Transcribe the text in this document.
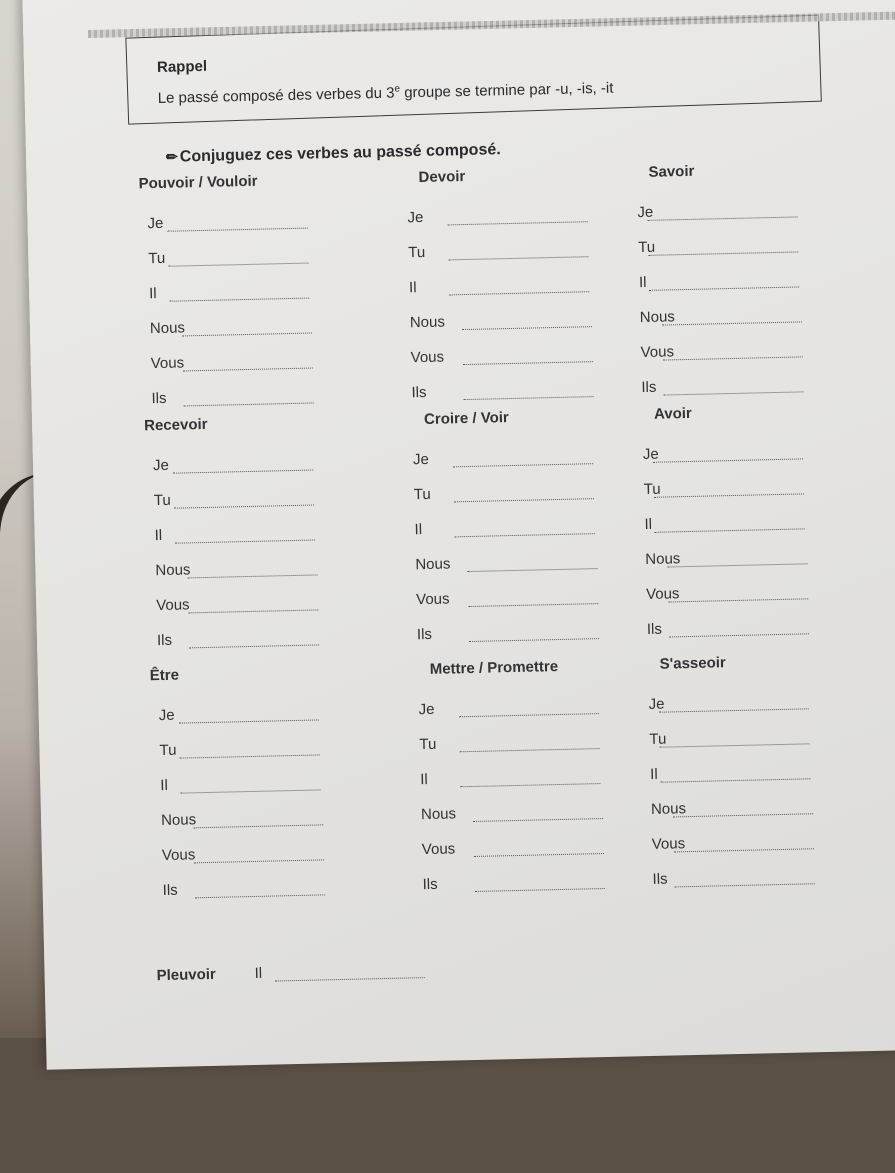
Rappel
Le passé composé des verbes du 3e groupe se termine par -u, -is, -it
✏ Conjuguez ces verbes au passé composé.
Pouvoir / Vouloir
Je
Tu
Il
Nous
Vous
Ils
Devoir
Je
Tu
Il
Nous
Vous
Ils
Savoir
Je
Tu
Il
Nous
Vous
Ils
Recevoir
Je
Tu
Il
Nous
Vous
Ils
Croire / Voir
Je
Tu
Il
Nous
Vous
Ils
Avoir
Je
Tu
Il
Nous
Vous
Ils
Être
Je
Tu
Il
Nous
Vous
Ils
Mettre / Promettre
Je
Tu
Il
Nous
Vous
Ils
S'asseoir
Je
Tu
Il
Nous
Vous
Ils
Pleuvoir	Il
